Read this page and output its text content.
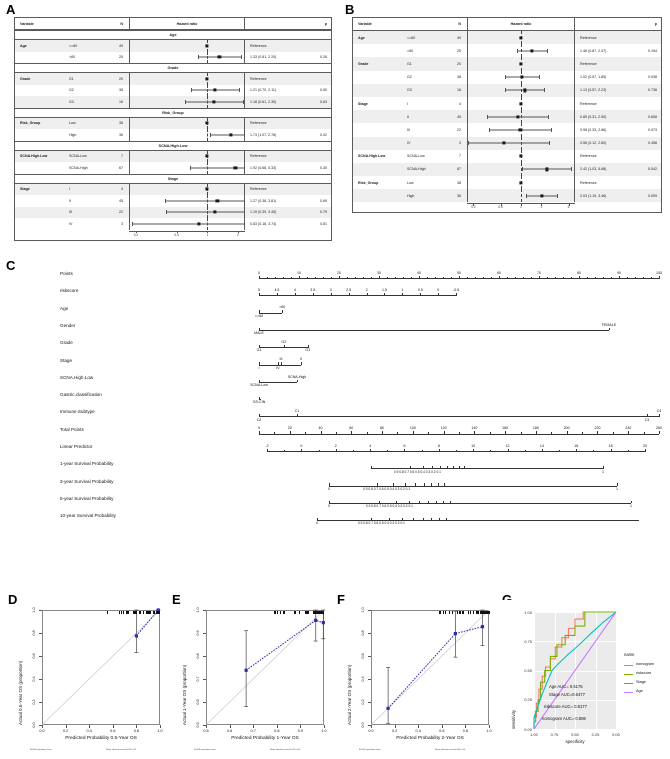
A	B
C
D	E	F
Variable	N	Hazard ratio	p
Age
Age	<=60	49	Reference
>60	25	1.33 (0.81, 2.20)	0.26
Grade
Grade	G1	20	Reference
G2	38	1.21 (0.70, 2.11)	0.50
G3	16	1.18 (0.61, 2.30)	0.63
Risk_Group
Risk_Group	Low	38	Reference
High	36	1.73 (1.07, 2.78)	0.02
SCNA.High.Low
SCNA.High.Low	SCNA-Low	7	Reference
SCNA-High	67	1.92 (0.68, 5.33)	0.30
Stage
Stage	I	4	Reference
II	45	1.27 (0.38, 3.81)	0.69
III	22	1.19 (0.39, 3.40)	0.79
IV	3	0.83 (0.18, 3.74)	0.81
0.2	0.5	1	2
Variable	N	Hazard ratio	p
Age	<=60	49	Reference
>60	25	1.46 (0.87, 2.47)	0.154
Grade	G1	20	Reference
G2	38	1.02 (0.57, 1.85)	0.938
G3	16	1.13 (0.57, 2.23)	0.736
Stage	I	4	Reference
II	45	0.89 (0.31, 2.50)	0.808
III	22	0.98 (0.33, 2.86)	0.973
IV	3	0.56 (0.12, 2.60)	0.456
SCNA.High.Low	SCNA-Low	7	Reference
SCNA-High	67	2.42 (1.03, 5.68)	0.042
Risk_Group	Low	38	Reference
High	36	2.03 (1.19, 3.46)	0.009
0.2	0.5	1	2	5
Points	0	10	20	30	40	50	60	70	80	90	100
riskscore	5	4.5	4	3.5	3	2.5	2	1.5	1	0.5	0	-0.5
Age
<=60
>60
Gender
MALE
FEMALE
Grade
G1
G2
G3
Stage
I	IV
III	II
SCNA.High.Low
SCNA-Low
SCNA-High
Gastric.classification
GS-CIN
Immune.Subtype
C2
C1	C4
C3
Total Points	0	20	40	60	80	100	120	140	160	180	200	220	240	260
Linear Predictor	-2	0	2	4	6	8	10	12	14	16	18	20
1-year Survival Probability
0.9 0.8 0.7 0.6 0.5 0.4 0.3 0.2 0.1	1
3-year Survival Probability
0.9 0.8 0.7 0.6 0.5 0.4 0.3 0.2 0.1
0	1
5-year Survival Probability
0.9 0.8 0.7 0.6 0.5 0.4 0.3 0.2 0.1
0	1
10-year Survival Probability
0.9 0.8 0.7 0.6 0.5 0.4 0.3 0.2 0.1
0
0.0	0.2	0.4	0.6	0.8	1.0
0.0
0.2
0.4
0.6
0.8
1.0
Actual 0.5-Year OS (proportion)
Predicted Probability 0.5-Year OS
B=200 repetitions, boot	Mean absolute error=0.023 n=74
0.5	0.6	0.7	0.8	0.9	1.0
0.5
0.6
0.7
0.8
0.9
1.0
Actual 1-Year OS (proportion)
Predicted Probability 1-Year OS
B=200 repetitions, boot	Mean absolute error=0.029 n=74
0.0	0.2	0.4	0.6	0.8	1.0
0.0
0.2
0.4
0.6
0.8
1.0
Actual 2-Year OS (proportion)
Predicted Probability 2-Year OS
B=200 repetitions, boot	Mean absolute error=0.046 n=74
1.00	0.75	0.50	0.25	0.00
0.00
0.25
0.50
0.75
1.00
sensitivity
specificity
Age AUC= 0.5175
Stage AUC=0.6477
riskscore AUC= 0.8177
nomogram AUC= 0.886
name
nomogram
riskscore
Stage
Age
